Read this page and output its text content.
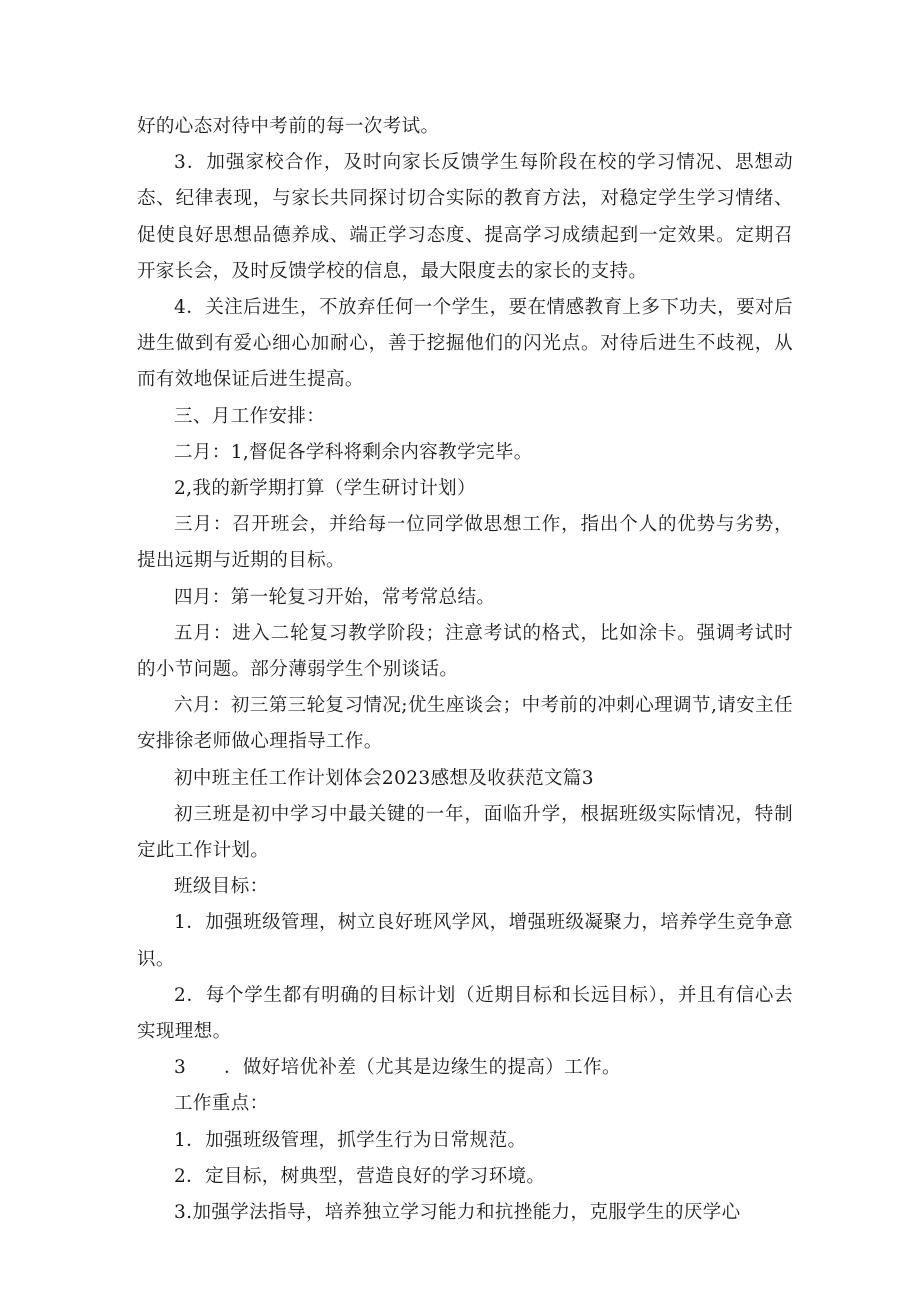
好的心态对待中考前的每一次考试。

3．加强家校合作，及时向家长反馈学生每阶段在校的学习情况、思想动态、纪律表现，与家长共同探讨切合实际的教育方法，对稳定学生学习情绪、促使良好思想品德养成、端正学习态度、提高学习成绩起到一定效果。定期召开家长会，及时反馈学校的信息，最大限度去的家长的支持。

4．关注后进生，不放弃任何一个学生，要在情感教育上多下功夫，要对后进生做到有爱心细心加耐心，善于挖掘他们的闪光点。对待后进生不歧视，从而有效地保证后进生提高。

三、月工作安排：

二月：1,督促各学科将剩余内容教学完毕。

2,我的新学期打算（学生研讨计划）

三月：召开班会，并给每一位同学做思想工作，指出个人的优势与劣势，提出远期与近期的目标。

四月：第一轮复习开始，常考常总结。

五月：进入二轮复习教学阶段；注意考试的格式，比如涂卡。强调考试时的小节问题。部分薄弱学生个别谈话。

六月：初三第三轮复习情况;优生座谈会；中考前的冲刺心理调节,请安主任安排徐老师做心理指导工作。

初中班主任工作计划体会2023感想及收获范文篇3

初三班是初中学习中最关键的一年，面临升学，根据班级实际情况，特制定此工作计划。

班级目标：

1．加强班级管理，树立良好班风学风，增强班级凝聚力，培养学生竞争意识。

2．每个学生都有明确的目标计划（近期目标和长远目标），并且有信心去实现理想。

3　　．做好培优补差（尤其是边缘生的提高）工作。

工作重点：

1．加强班级管理，抓学生行为日常规范。

2．定目标，树典型，营造良好的学习环境。

3.加强学法指导，培养独立学习能力和抗挫能力，克服学生的厌学心
